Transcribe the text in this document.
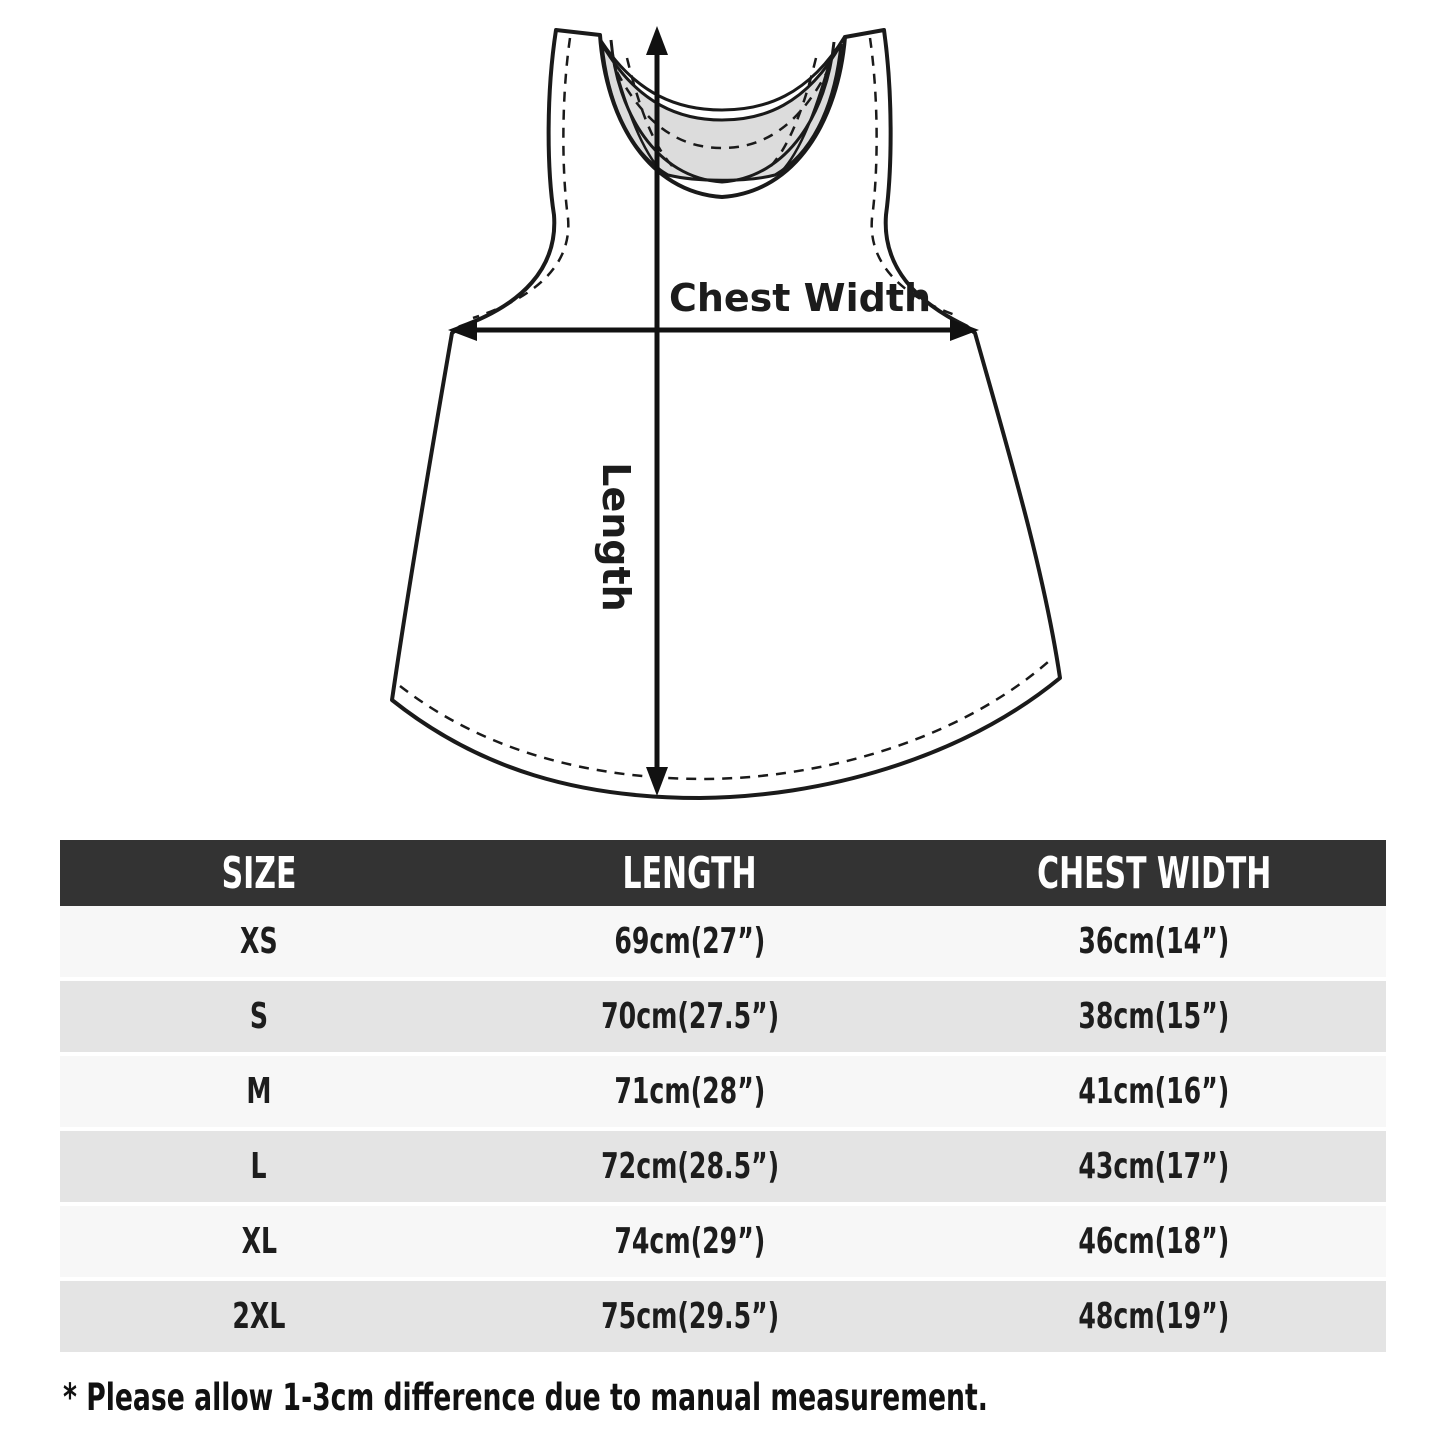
Chest Width
Length
SIZE	LENGTH	CHEST WIDTH
XS	69cm(27”)	36cm(14”)
S	70cm(27.5”)	38cm(15”)
M	71cm(28”)	41cm(16”)
L	72cm(28.5”)	43cm(17”)
XL	74cm(29”)	46cm(18”)
2XL	75cm(29.5”)	48cm(19”)
* Please allow 1-3cm difference due to manual measurement.
